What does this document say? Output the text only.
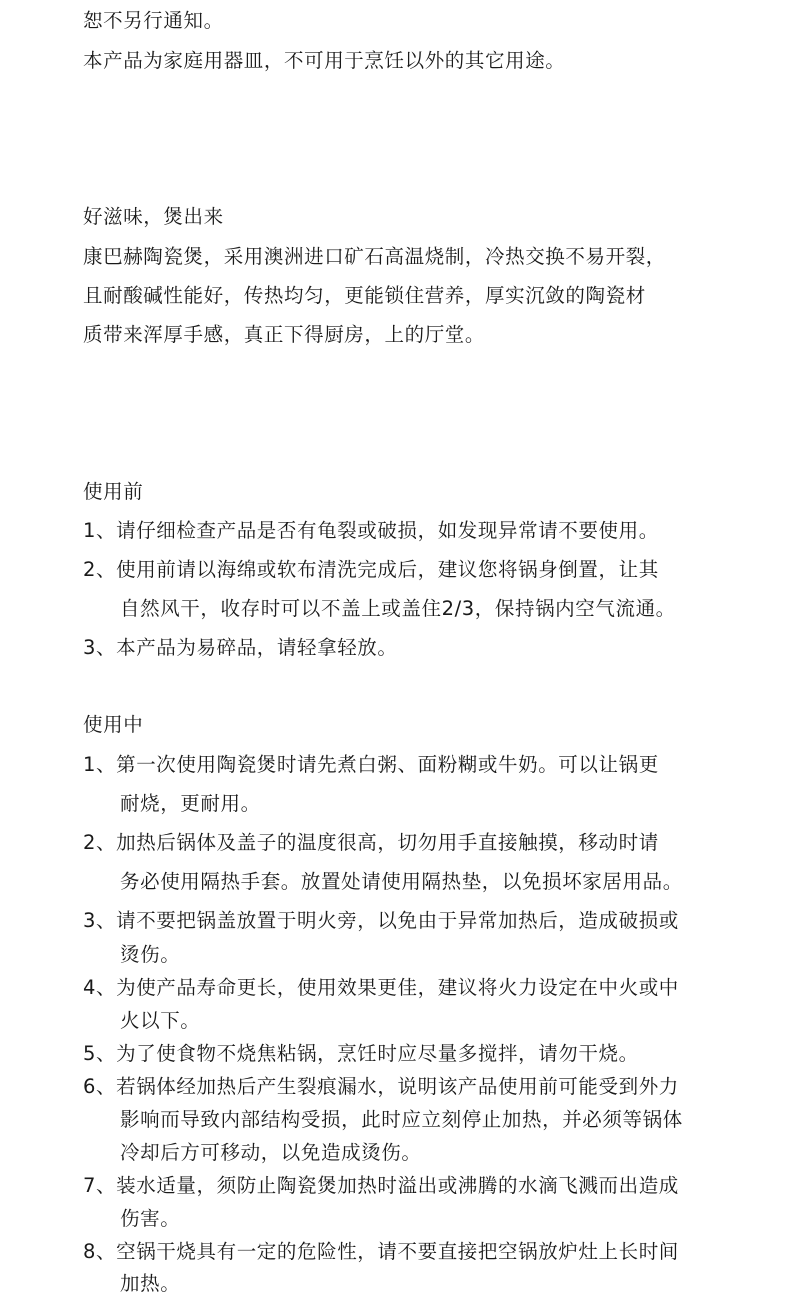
恕不另行通知。
本产品为家庭用器皿，不可用于烹饪以外的其它用途。
好滋味，煲出来
康巴赫陶瓷煲，采用澳洲进口矿石高温烧制，冷热交换不易开裂，
且耐酸碱性能好，传热均匀，更能锁住营养，厚实沉敛的陶瓷材
质带来浑厚手感，真正下得厨房，上的厅堂。
使用前
1、请仔细检查产品是否有龟裂或破损，如发现异常请不要使用。
2、使用前请以海绵或软布清洗完成后，建议您将锅身倒置，让其
自然风干，收存时可以不盖上或盖住2/3，保持锅内空气流通。
3、本产品为易碎品，请轻拿轻放。
使用中
1、第一次使用陶瓷煲时请先煮白粥、面粉糊或牛奶。可以让锅更
耐烧，更耐用。
2、加热后锅体及盖子的温度很高，切勿用手直接触摸，移动时请
务必使用隔热手套。放置处请使用隔热垫，以免损坏家居用品。
3、请不要把锅盖放置于明火旁，以免由于异常加热后，造成破损或
烫伤。
4、为使产品寿命更长，使用效果更佳，建议将火力设定在中火或中
火以下。
5、为了使食物不烧焦粘锅，烹饪时应尽量多搅拌，请勿干烧。
6、若锅体经加热后产生裂痕漏水，说明该产品使用前可能受到外力
影响而导致内部结构受损，此时应立刻停止加热，并必须等锅体
冷却后方可移动，以免造成烫伤。
7、装水适量，须防止陶瓷煲加热时溢出或沸腾的水滴飞溅而出造成
伤害。
8、空锅干烧具有一定的危险性，请不要直接把空锅放炉灶上长时间
加热。
